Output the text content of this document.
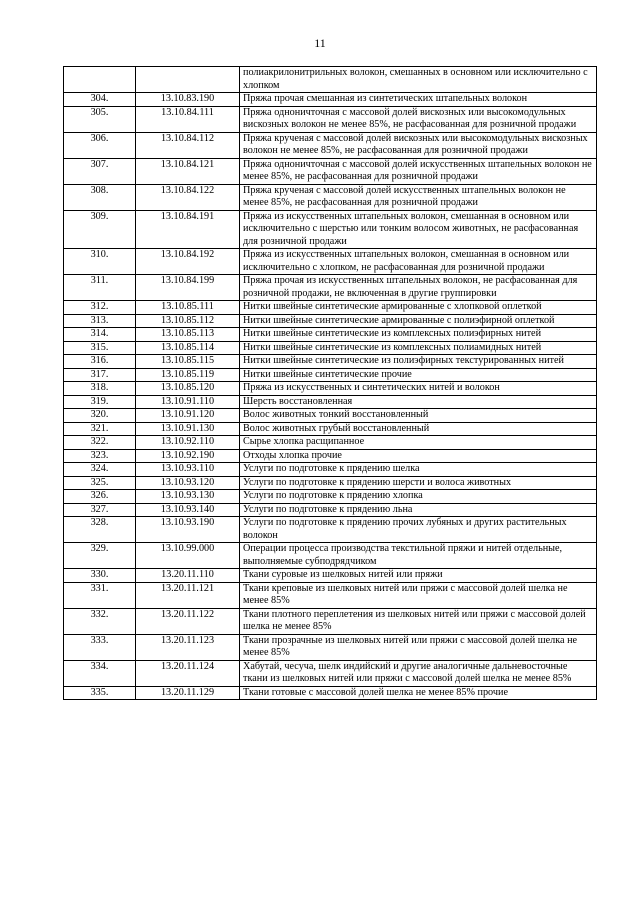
11
		полиакрилонитрильных волокон, смешанных в основном или исключительно с хлопком
304.	13.10.83.190	Пряжа прочая смешанная из синтетических штапельных волокон
305.	13.10.84.111	Пряжа одноничточная с массовой долей вискозных или высокомодульных вискозных волокон не менее 85%, не расфасованная для розничной продажи
306.	13.10.84.112	Пряжа крученая с массовой долей вискозных или высокомодульных вискозных волокон не менее 85%, не расфасованная для розничной продажи
307.	13.10.84.121	Пряжа одноничточная с массовой долей искусственных штапельных волокон не менее 85%, не расфасованная для розничной продажи
308.	13.10.84.122	Пряжа крученая с массовой долей искусственных штапельных волокон не менее 85%, не расфасованная для розничной продажи
309.	13.10.84.191	Пряжа из искусственных штапельных волокон, смешанная в основном или исключительно с шерстью или тонким волосом животных, не расфасованная для розничной продажи
310.	13.10.84.192	Пряжа из искусственных штапельных волокон, смешанная в основном или исключительно с хлопком, не расфасованная для розничной продажи
311.	13.10.84.199	Пряжа прочая из искусственных штапельных волокон, не расфасованная для розничной продажи, не включенная в другие группировки
312.	13.10.85.111	Нитки швейные синтетические армированные с хлопковой оплеткой
313.	13.10.85.112	Нитки швейные синтетические армированные с полиэфирной оплеткой
314.	13.10.85.113	Нитки швейные синтетические из комплексных полиэфирных нитей
315.	13.10.85.114	Нитки швейные синтетические из комплексных полиамидных нитей
316.	13.10.85.115	Нитки швейные синтетические из полиэфирных текстурированных нитей
317.	13.10.85.119	Нитки швейные синтетические прочие
318.	13.10.85.120	Пряжа из искусственных и синтетических нитей и волокон
319.	13.10.91.110	Шерсть восстановленная
320.	13.10.91.120	Волос животных тонкий восстановленный
321.	13.10.91.130	Волос животных грубый восстановленный
322.	13.10.92.110	Сырье хлопка расщипанное
323.	13.10.92.190	Отходы хлопка прочие
324.	13.10.93.110	Услуги по подготовке к прядению шелка
325.	13.10.93.120	Услуги по подготовке к прядению шерсти и волоса животных
326.	13.10.93.130	Услуги по подготовке к прядению хлопка
327.	13.10.93.140	Услуги по подготовке к прядению льна
328.	13.10.93.190	Услуги по подготовке к прядению прочих лубяных и других растительных волокон
329.	13.10.99.000	Операции процесса производства текстильной пряжи и нитей отдельные, выполняемые субподрядчиком
330.	13.20.11.110	Ткани суровые из шелковых нитей или пряжи
331.	13.20.11.121	Ткани крепoвые из шелковых нитей или пряжи с массовой долей шелка не менее 85%
332.	13.20.11.122	Ткани плотного переплетения из шелковых нитей или пряжи с массовой долей шелка не менее 85%
333.	13.20.11.123	Ткани прозрачные из шелковых нитей или пряжи с массовой долей шелка не менее 85%
334.	13.20.11.124	Хабутай, чесуча, шелк индийский и другие аналогичные дальневосточные ткани из шелковых нитей или пряжи с массовой долей шелка не менее 85%
335.	13.20.11.129	Ткани готовые с массовой долей шелка не менее 85% прочие
